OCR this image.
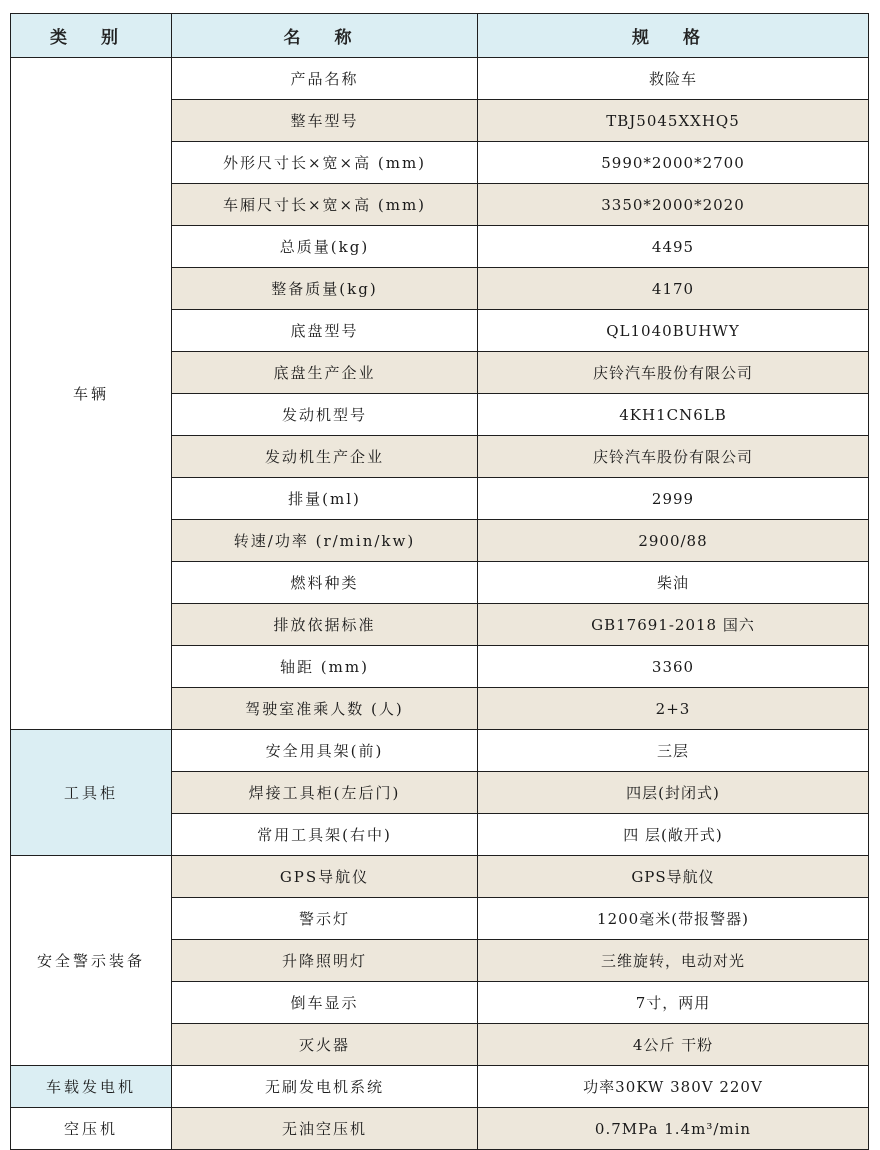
类 别	名 称	规 格
车辆	产品名称	救险车
	整车型号	TBJ5045XXHQ5
	外形尺寸长×宽×高 (mm)	5990*2000*2700
	车厢尺寸长×宽×高 (mm)	3350*2000*2020
	总质量(kg)	4495
	整备质量(kg)	4170
	底盘型号	QL1040BUHWY
	底盘生产企业	庆铃汽车股份有限公司
	发动机型号	4KH1CN6LB
	发动机生产企业	庆铃汽车股份有限公司
	排量(ml)	2999
	转速/功率 (r/min/kw)	2900/88
	燃料种类	柴油
	排放依据标准	GB17691-2018 国六
	轴距 (mm)	3360
	驾驶室准乘人数 (人)	2+3
工具柜	安全用具架(前)	三层
	焊接工具柜(左后门)	四层(封闭式)
	常用工具架(右中)	四 层(敞开式)
安全警示装备	GPS导航仪	GPS导航仪
	警示灯	1200毫米(带报警器)
	升降照明灯	三维旋转，电动对光
	倒车显示	7寸，两用
	灭火器	4公斤 干粉
车载发电机	无刷发电机系统	功率30KW 380V 220V
空压机	无油空压机	0.7MPa 1.4m³/min
